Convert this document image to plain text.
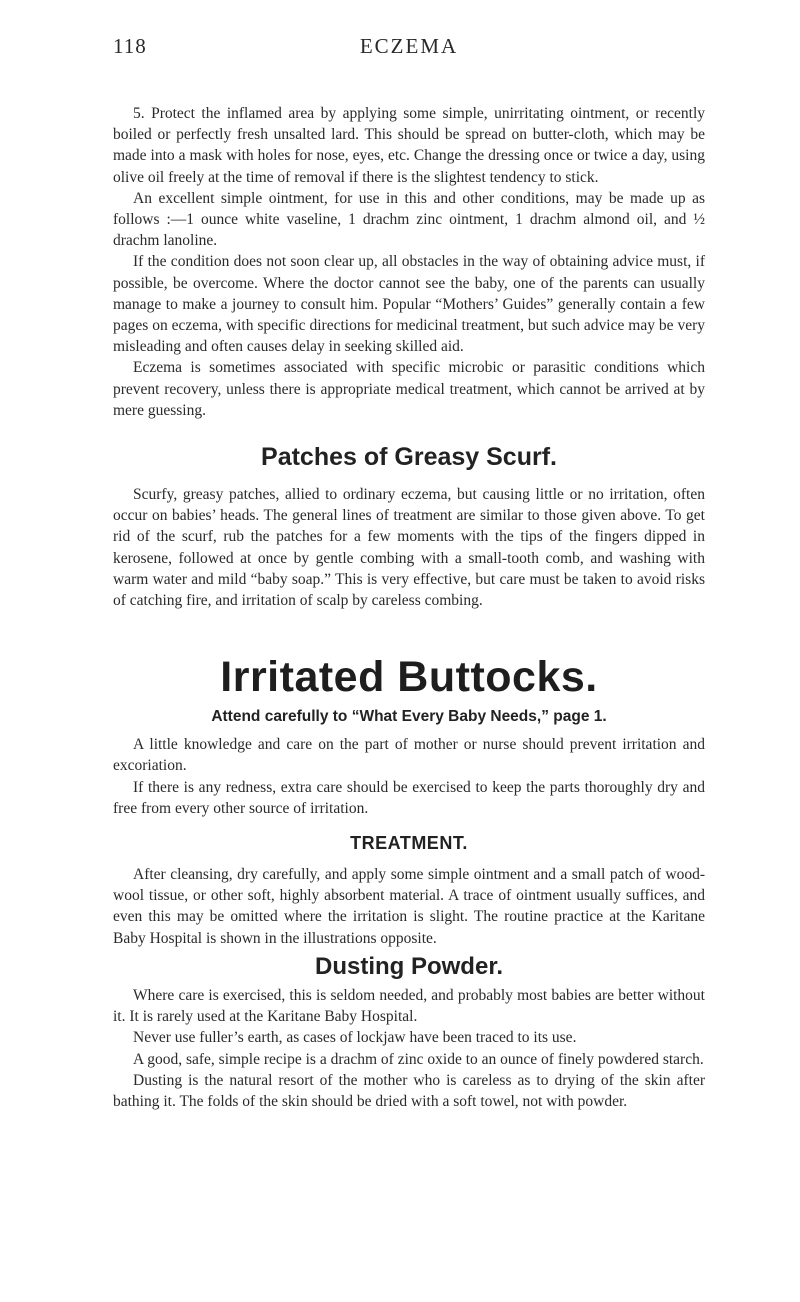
118	ECZEMA

5. Protect the inflamed area by applying some simple, unirritating ointment, or recently boiled or perfectly fresh unsalted lard. This should be spread on butter-cloth, which may be made into a mask with holes for nose, eyes, etc. Change the dressing once or twice a day, using olive oil freely at the time of removal if there is the slightest tendency to stick.

An excellent simple ointment, for use in this and other conditions, may be made up as follows :—1 ounce white vaseline, 1 drachm zinc ointment, 1 drachm almond oil, and ½ drachm lanoline.

If the condition does not soon clear up, all obstacles in the way of obtaining advice must, if possible, be overcome. Where the doctor cannot see the baby, one of the parents can usually manage to make a journey to consult him. Popular “Mothers’ Guides” generally contain a few pages on eczema, with specific directions for medicinal treatment, but such advice may be very misleading and often causes delay in seeking skilled aid.

Eczema is sometimes associated with specific microbic or parasitic conditions which prevent recovery, unless there is appropriate medical treatment, which cannot be arrived at by mere guessing.

Patches of Greasy Scurf.

Scurfy, greasy patches, allied to ordinary eczema, but causing little or no irritation, often occur on babies’ heads. The general lines of treatment are similar to those given above. To get rid of the scurf, rub the patches for a few moments with the tips of the fingers dipped in kerosene, followed at once by gentle combing with a small-tooth comb, and washing with warm water and mild “baby soap.” This is very effective, but care must be taken to avoid risks of catching fire, and irritation of scalp by careless combing.

Irritated Buttocks.
Attend carefully to “What Every Baby Needs,” page 1.

A little knowledge and care on the part of mother or nurse should prevent irritation and excoriation.

If there is any redness, extra care should be exercised to keep the parts thoroughly dry and free from every other source of irritation.

TREATMENT.

After cleansing, dry carefully, and apply some simple ointment and a small patch of wood-wool tissue, or other soft, highly absorbent material. A trace of ointment usually suffices, and even this may be omitted where the irritation is slight. The routine practice at the Karitane Baby Hospital is shown in the illustrations opposite.

Dusting Powder.

Where care is exercised, this is seldom needed, and probably most babies are better without it. It is rarely used at the Karitane Baby Hospital.

Never use fuller’s earth, as cases of lockjaw have been traced to its use.

A good, safe, simple recipe is a drachm of zinc oxide to an ounce of finely powdered starch.

Dusting is the natural resort of the mother who is careless as to drying of the skin after bathing it. The folds of the skin should be dried with a soft towel, not with powder.
